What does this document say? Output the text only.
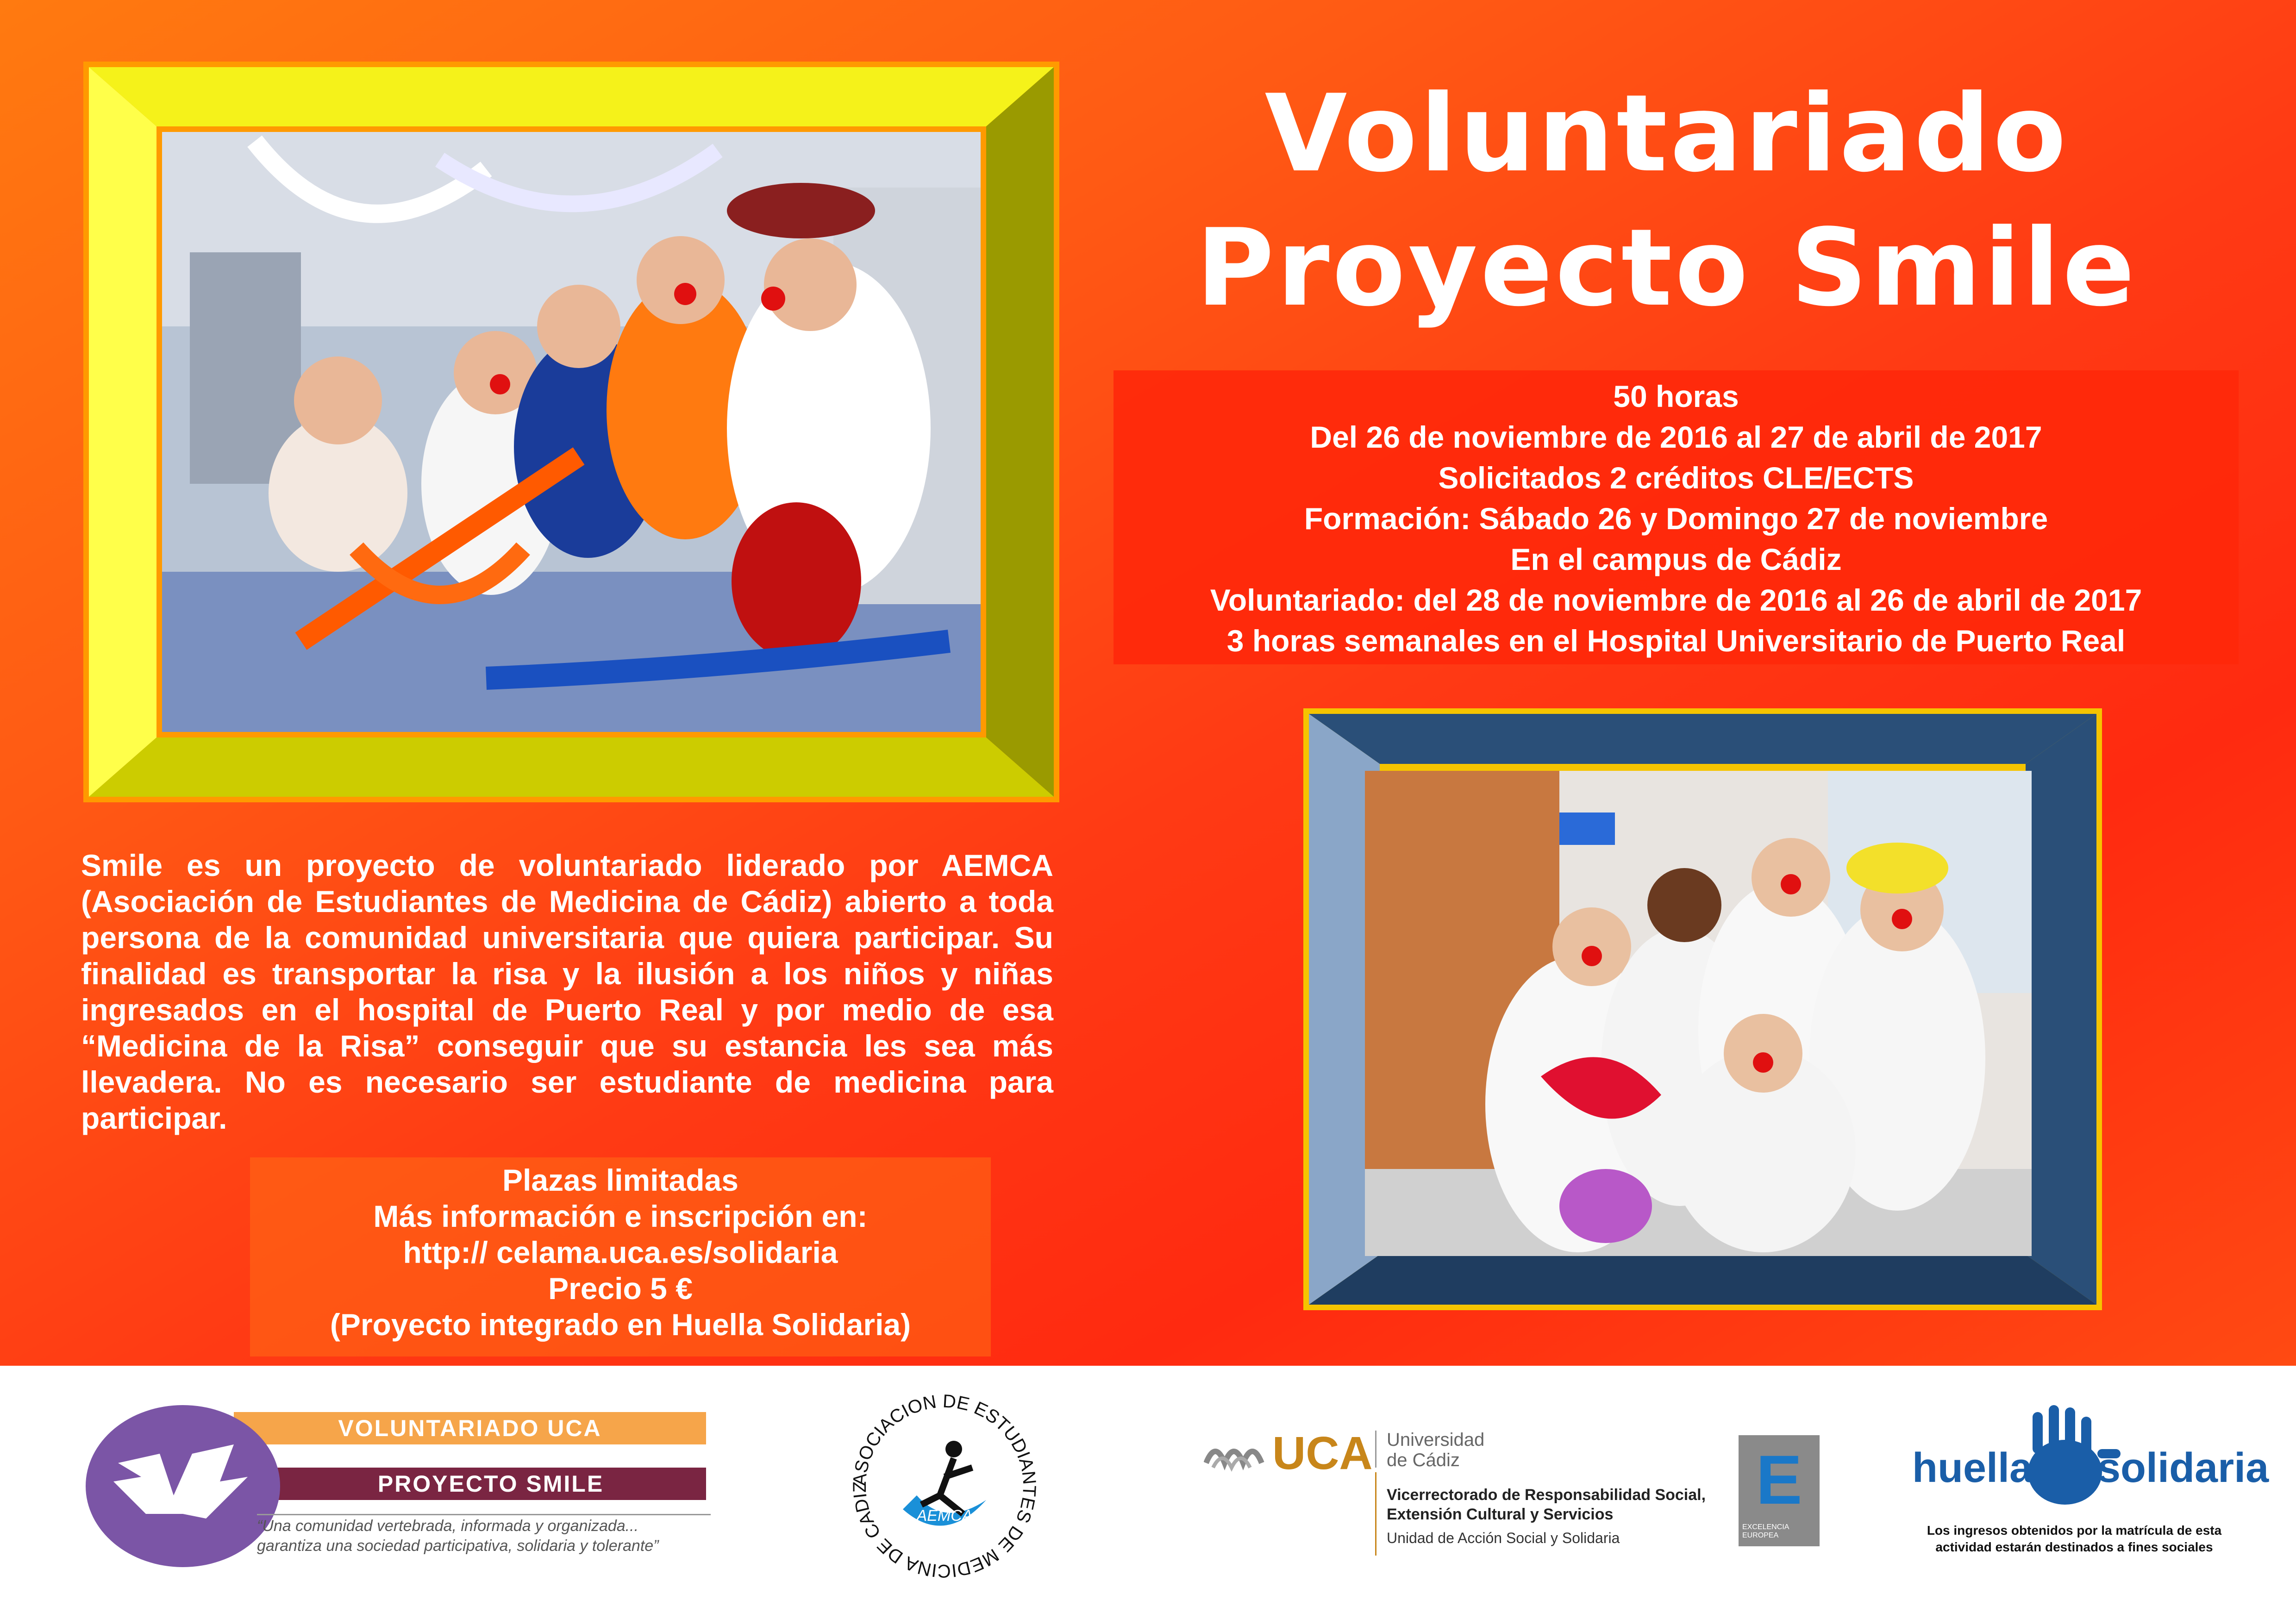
Voluntariado
Proyecto Smile
50 horas
Del 26 de noviembre de 2016 al 27 de abril de 2017
Solicitados 2 créditos CLE/ECTS
Formación: Sábado 26 y Domingo 27 de noviembre
En el campus de Cádiz
Voluntariado: del 28 de noviembre de 2016 al 26 de abril de 2017
3 horas semanales en el Hospital Universitario de Puerto Real
Smile es un proyecto de voluntariado liderado por AEMCA (Asociación de Estudiantes de Medicina de Cádiz) abierto a toda persona de la comunidad universitaria que quiera participar. Su finalidad es transportar la risa y la ilusión a los niños y niñas ingresados en el hospital de Puerto Real y por medio de esa “Medicina de la Risa” conseguir que su estancia les sea más llevadera. No es necesario ser estudiante de medicina para participar.
Plazas limitadas
Más información e inscripción en:
http:// celama.uca.es/solidaria
Precio 5 €
(Proyecto integrado en Huella Solidaria)
VOLUNTARIADO UCA
PROYECTO SMILE
“Una comunidad vertebrada, informada y organizada...
garantiza una sociedad participativa, solidaria y tolerante”
ASOCIACION DE ESTUDIANTES DE MEDICINA DE CADIZ
AEMCA
UCA Universidad
de Cádiz
Vicerrectorado de Responsabilidad Social,
Extensión Cultural y Servicios
Unidad de Acción Social y Solidaria
E
EXCELENCIA EUROPEA
huella solidaria
Los ingresos obtenidos por la matrícula de esta
actividad estarán destinados a fines sociales
